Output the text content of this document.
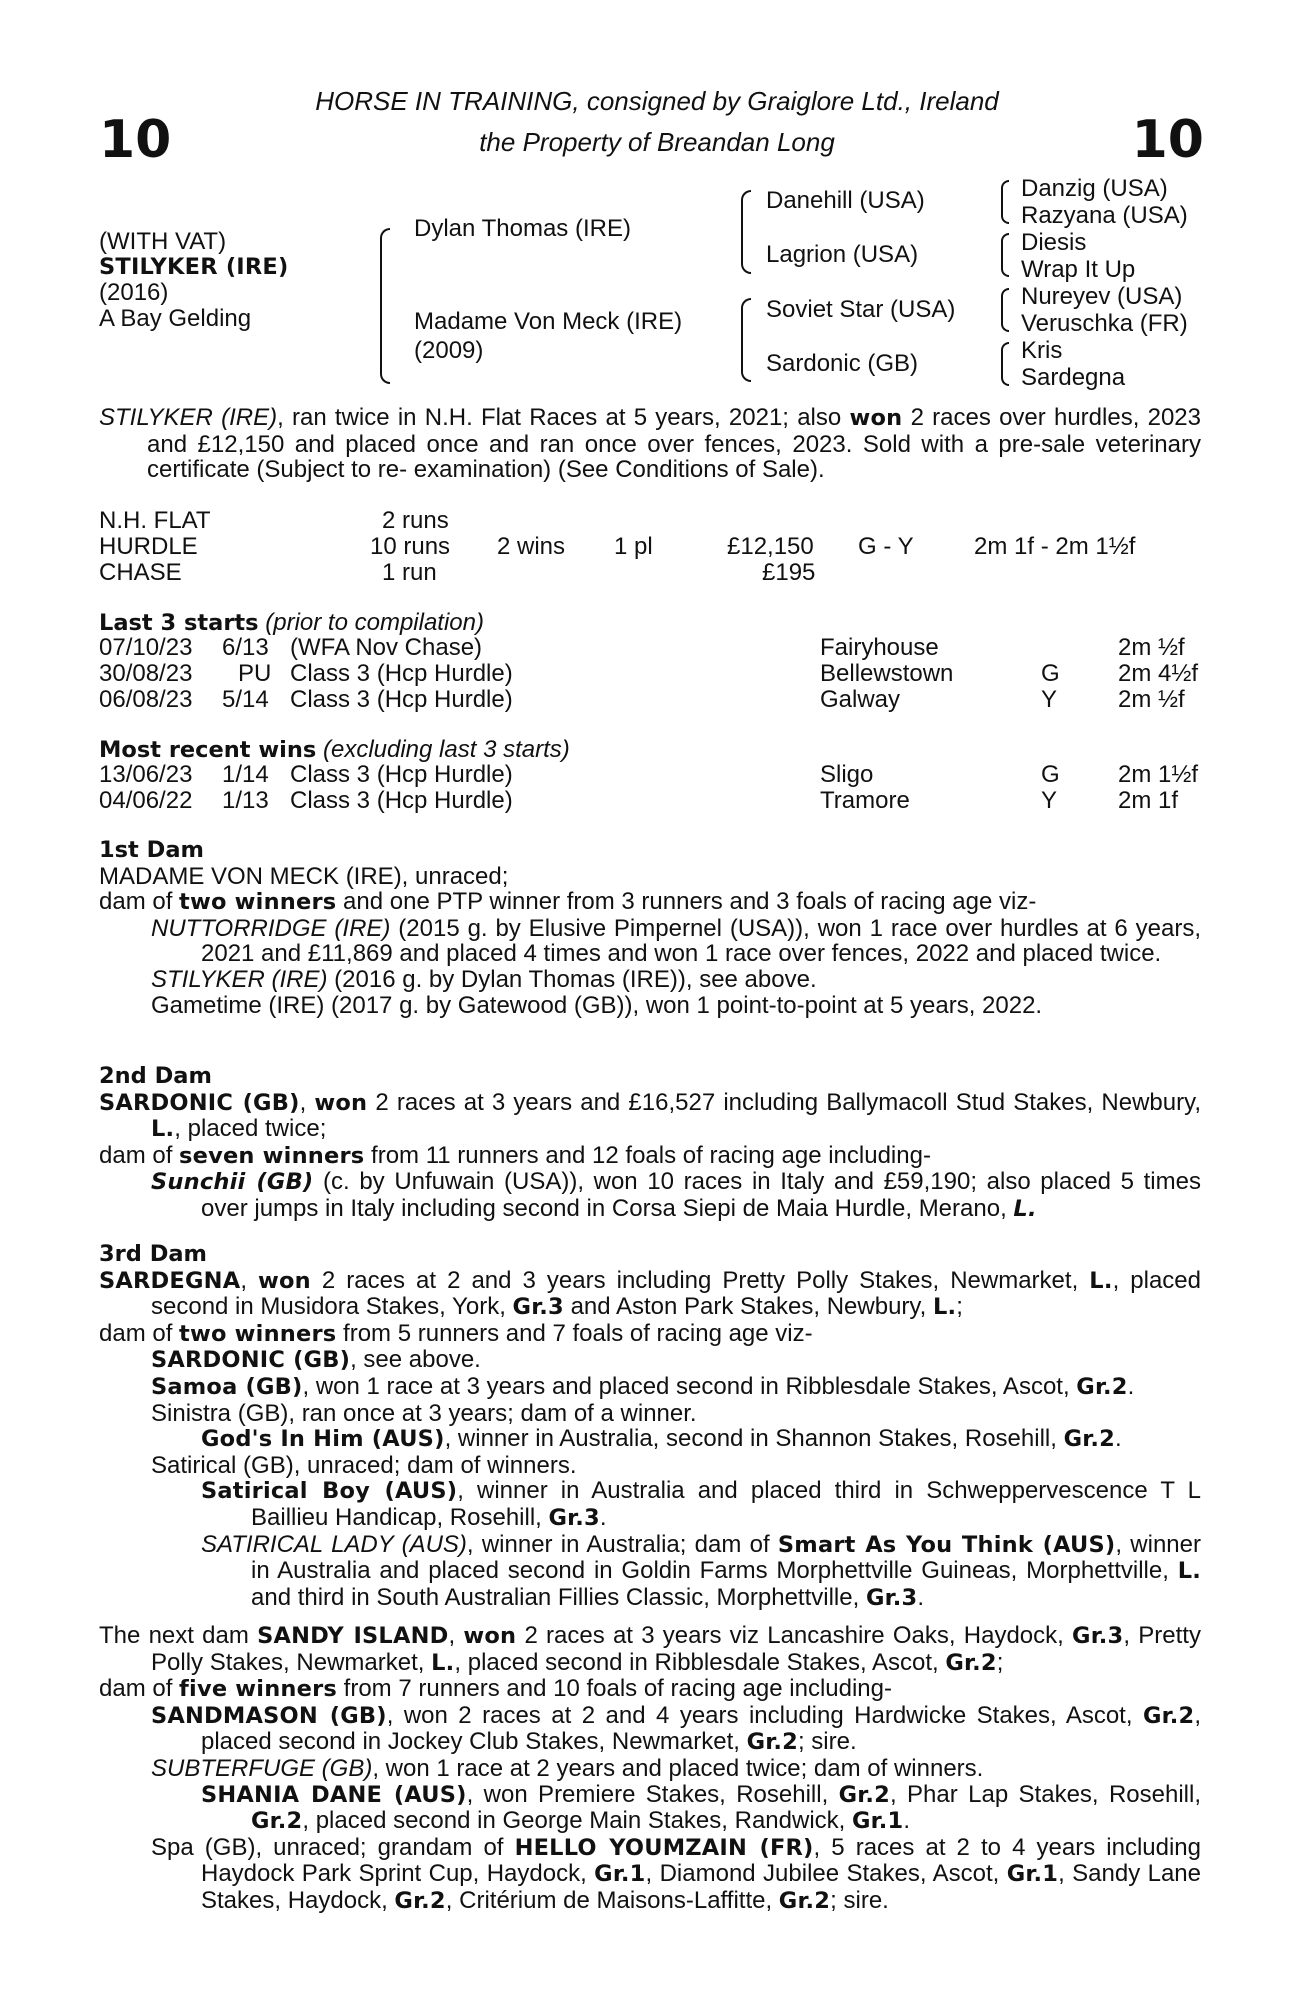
10	10
HORSE IN TRAINING, consigned by Graiglore Ltd., Ireland
the Property of Breandan Long
(WITH VAT)
STILYKER (IRE)
(2016)
A Bay Gelding
Dylan Thomas (IRE)
Madame Von Meck (IRE)
(2009)
Danehill (USA)
Lagrion (USA)
Soviet Star (USA)
Sardonic (GB)
Danzig (USA)
Razyana (USA)
Diesis
Wrap It Up
Nureyev (USA)
Veruschka (FR)
Kris
Sardegna
STILYKER (IRE), ran twice in N.H. Flat Races at 5 years, 2021; also won 2 races over hurdles, 2023 and £12,150 and placed once and ran once over fences, 2023. Sold with a pre-sale veterinary certificate (Subject to re- examination) (See Conditions of Sale).
N.H. FLAT	2 runs
HURDLE	10 runs 2 wins 1 pl	£12,150 G - Y	2m 1f - 2m 1½f
CHASE	1 run	£195
Last 3 starts (prior to compilation)
07/10/23 6/13 (WFA Nov Chase)	Fairyhouse	2m ½f
30/08/23 PU Class 3 (Hcp Hurdle)	Bellewstown	G 2m 4½f
06/08/23 5/14 Class 3 (Hcp Hurdle)	Galway	Y	2m ½f
Most recent wins (excluding last 3 starts)
13/06/23 1/14 Class 3 (Hcp Hurdle)	Sligo	G 2m 1½f
04/06/22 1/13 Class 3 (Hcp Hurdle)	Tramore	Y	2m 1f
1st Dam
MADAME VON MECK (IRE), unraced;
dam of two winners and one PTP winner from 3 runners and 3 foals of racing age viz-
NUTTORRIDGE (IRE) (2015 g. by Elusive Pimpernel (USA)), won 1 race over hurdles at 6 years, 2021 and £11,869 and placed 4 times and won 1 race over fences, 2022 and placed twice.
STILYKER (IRE) (2016 g. by Dylan Thomas (IRE)), see above.
Gametime (IRE) (2017 g. by Gatewood (GB)), won 1 point-to-point at 5 years, 2022.
2nd Dam
SARDONIC (GB), won 2 races at 3 years and £16,527 including Ballymacoll Stud Stakes, Newbury, L., placed twice;
dam of seven winners from 11 runners and 12 foals of racing age including-
Sunchii (GB) (c. by Unfuwain (USA)), won 10 races in Italy and £59,190; also placed 5 times over jumps in Italy including second in Corsa Siepi de Maia Hurdle, Merano, L.
3rd Dam
SARDEGNA, won 2 races at 2 and 3 years including Pretty Polly Stakes, Newmarket, L., placed second in Musidora Stakes, York, Gr.3 and Aston Park Stakes, Newbury, L.;
dam of two winners from 5 runners and 7 foals of racing age viz-
SARDONIC (GB), see above.
Samoa (GB), won 1 race at 3 years and placed second in Ribblesdale Stakes, Ascot, Gr.2.
Sinistra (GB), ran once at 3 years; dam of a winner.
God's In Him (AUS), winner in Australia, second in Shannon Stakes, Rosehill, Gr.2.
Satirical (GB), unraced; dam of winners.
Satirical Boy (AUS), winner in Australia and placed third in Schweppervescence T L Baillieu Handicap, Rosehill, Gr.3.
SATIRICAL LADY (AUS), winner in Australia; dam of Smart As You Think (AUS), winner in Australia and placed second in Goldin Farms Morphettville Guineas, Morphettville, L. and third in South Australian Fillies Classic, Morphettville, Gr.3.
The next dam SANDY ISLAND, won 2 races at 3 years viz Lancashire Oaks, Haydock, Gr.3, Pretty Polly Stakes, Newmarket, L., placed second in Ribblesdale Stakes, Ascot, Gr.2;
dam of five winners from 7 runners and 10 foals of racing age including-
SANDMASON (GB), won 2 races at 2 and 4 years including Hardwicke Stakes, Ascot, Gr.2, placed second in Jockey Club Stakes, Newmarket, Gr.2; sire.
SUBTERFUGE (GB), won 1 race at 2 years and placed twice; dam of winners.
SHANIA DANE (AUS), won Premiere Stakes, Rosehill, Gr.2, Phar Lap Stakes, Rosehill, Gr.2, placed second in George Main Stakes, Randwick, Gr.1.
Spa (GB), unraced; grandam of HELLO YOUMZAIN (FR), 5 races at 2 to 4 years including Haydock Park Sprint Cup, Haydock, Gr.1, Diamond Jubilee Stakes, Ascot, Gr.1, Sandy Lane Stakes, Haydock, Gr.2, Critérium de Maisons-Laffitte, Gr.2; sire.
